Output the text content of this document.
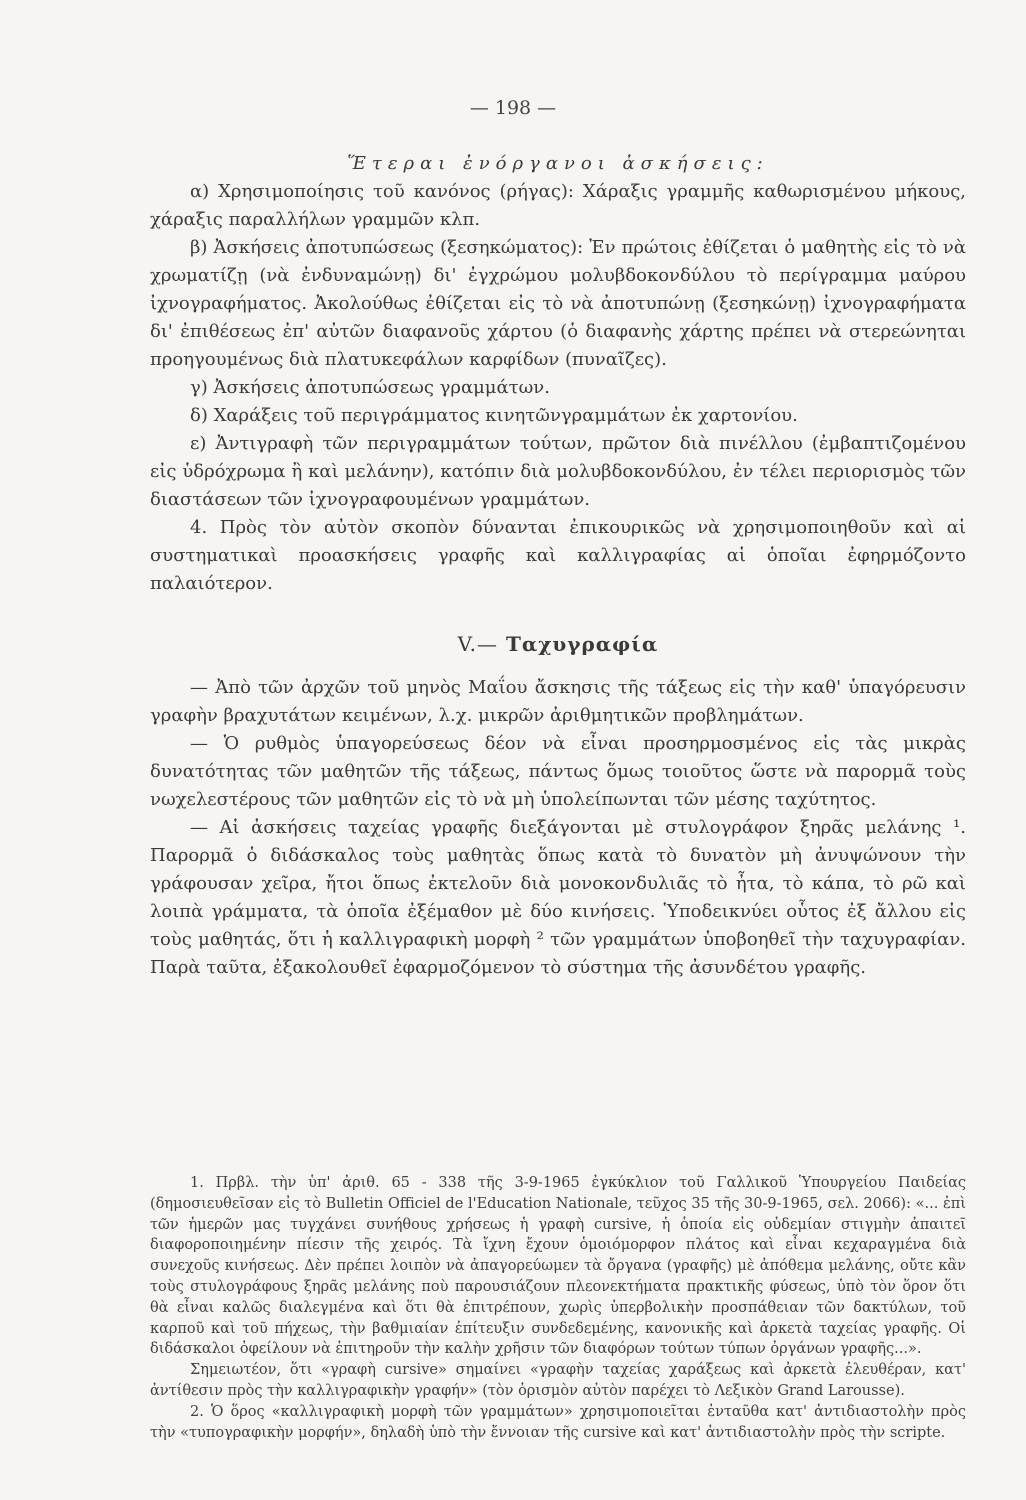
— 198 —

Ἕτεραι ἐνόργανοι ἀσκήσεις:

α) Χρησιμοποίησις τοῦ κανόνος (ρήγας): Χάραξις γραμμῆς καθωρισμένου μήκους, χάραξις παραλλήλων γραμμῶν κλπ.

β) Ἀσκήσεις ἀποτυπώσεως (ξεσηκώματος): Ἐν πρώτοις ἐθίζεται ὁ μαθητὴς εἰς τὸ νὰ χρωματίζῃ (νὰ ἐνδυναμώνῃ) δι' ἐγχρώμου μολυβδοκονδύλου τὸ περίγραμμα μαύρου ἰχνογραφήματος. Ἀκολούθως ἐθίζεται εἰς τὸ νὰ ἀποτυπώνῃ (ξεσηκώνῃ) ἰχνογραφήματα δι' ἐπιθέσεως ἐπ' αὐτῶν διαφανοῦς χάρτου (ὁ διαφανὴς χάρτης πρέπει νὰ στερεώνηται προηγουμένως διὰ πλατυκεφάλων καρφίδων (πυναῖζες).

γ) Ἀσκήσεις ἀποτυπώσεως γραμμάτων.

δ) Χαράξεις τοῦ περιγράμματος κινητῶνγραμμάτων ἐκ χαρτονίου.

ε) Ἀντιγραφὴ τῶν περιγραμμάτων τούτων, πρῶτον διὰ πινέλλου (ἐμβαπτιζομένου εἰς ὑδρόχρωμα ἢ καὶ μελάνην), κατόπιν διὰ μολυβδοκονδύλου, ἐν τέλει περιορισμὸς τῶν διαστάσεων τῶν ἰχνογραφουμένων γραμμάτων.

4. Πρὸς τὸν αὐτὸν σκοπὸν δύνανται ἐπικουρικῶς νὰ χρησιμοποιηθοῦν καὶ αἱ συστηματικαὶ προασκήσεις γραφῆς καὶ καλλιγραφίας αἱ ὁποῖαι ἐφηρμόζοντο παλαιότερον.

V.— Ταχυγραφία

— Ἀπὸ τῶν ἀρχῶν τοῦ μηνὸς Μαΐου ἄσκησις τῆς τάξεως εἰς τὴν καθ' ὑπαγόρευσιν γραφὴν βραχυτάτων κειμένων, λ.χ. μικρῶν ἀριθμητικῶν προβλημάτων.

— Ὁ ρυθμὸς ὑπαγορεύσεως δέον νὰ εἶναι προσηρμοσμένος εἰς τὰς μικρὰς δυνατότητας τῶν μαθητῶν τῆς τάξεως, πάντως ὅμως τοιοῦτος ὥστε νὰ παρορμᾶ τοὺς νωχελεστέρους τῶν μαθητῶν εἰς τὸ νὰ μὴ ὑπολείπωνται τῶν μέσης ταχύτητος.

— Αἱ ἀσκήσεις ταχείας γραφῆς διεξάγονται μὲ στυλογράφον ξηρᾶς μελάνης ¹. Παρορμᾶ ὁ διδάσκαλος τοὺς μαθητὰς ὅπως κατὰ τὸ δυνατὸν μὴ ἀνυψώνουν τὴν γράφουσαν χεῖρα, ἤτοι ὅπως ἐκτελοῦν διὰ μονοκονδυλιᾶς τὸ ἦτα, τὸ κάπα, τὸ ρῶ καὶ λοιπὰ γράμματα, τὰ ὁποῖα ἐξέμαθον μὲ δύο κινήσεις. Ὑποδεικνύει οὗτος ἐξ ἄλλου εἰς τοὺς μαθητάς, ὅτι ἡ καλλιγραφικὴ μορφὴ ² τῶν γραμμάτων ὑποβοηθεῖ τὴν ταχυγραφίαν. Παρὰ ταῦτα, ἐξακολουθεῖ ἐφαρμοζόμενον τὸ σύστημα τῆς ἀσυνδέτου γραφῆς.

1. Πρβλ. τὴν ὑπ' ἀριθ. 65 - 338 τῆς 3-9-1965 ἐγκύκλιον τοῦ Γαλλικοῦ Ὑπουργείου Παιδείας (δημοσιευθεῖσαν εἰς τὸ Bulletin Officiel de l'Education Nationale, τεῦχος 35 τῆς 30-9-1965, σελ. 2066): «... ἐπὶ τῶν ἡμερῶν μας τυγχάνει συνήθους χρήσεως ἡ γραφὴ cursive, ἡ ὁποία εἰς οὐδεμίαν στιγμὴν ἀπαιτεῖ διαφοροποιημένην πίεσιν τῆς χειρός. Τὰ ἴχνη ἔχουν ὁμοιόμορφον πλάτος καὶ εἶναι κεχαραγμένα διὰ συνεχοῦς κινήσεως. Δὲν πρέπει λοιπὸν νὰ ἀπαγορεύωμεν τὰ ὄργανα (γραφῆς) μὲ ἀπόθεμα μελάνης, οὔτε κἂν τοὺς στυλογράφους ξηρᾶς μελάνης ποὺ παρουσιάζουν πλεονεκτήματα πρακτικῆς φύσεως, ὑπὸ τὸν ὅρον ὅτι θὰ εἶναι καλῶς διαλεγμένα καὶ ὅτι θὰ ἐπιτρέπουν, χωρὶς ὑπερβολικὴν προσπάθειαν τῶν δακτύλων, τοῦ καρποῦ καὶ τοῦ πήχεως, τὴν βαθμιαίαν ἐπίτευξιν συνδεδεμένης, κανονικῆς καὶ ἀρκετὰ ταχείας γραφῆς. Οἱ διδάσκαλοι ὀφείλουν νὰ ἐπιτηροῦν τὴν καλὴν χρῆσιν τῶν διαφόρων τούτων τύπων ὀργάνων γραφῆς...».

Σημειωτέον, ὅτι «γραφὴ cursive» σημαίνει «γραφὴν ταχείας χαράξεως καὶ ἀρκετὰ ἐλευθέραν, κατ' ἀντίθεσιν πρὸς τὴν καλλιγραφικὴν γραφήν» (τὸν ὁρισμὸν αὐτὸν παρέχει τὸ Λεξικὸν Grand Larousse).

2. Ὁ ὅρος «καλλιγραφικὴ μορφὴ τῶν γραμμάτων» χρησιμοποιεῖται ἐνταῦθα κατ' ἀντιδιαστολὴν πρὸς τὴν «τυπογραφικὴν μορφήν», δηλαδὴ ὑπὸ τὴν ἔννοιαν τῆς cursive καὶ κατ' ἀντιδιαστολὴν πρὸς τὴν scripte.
